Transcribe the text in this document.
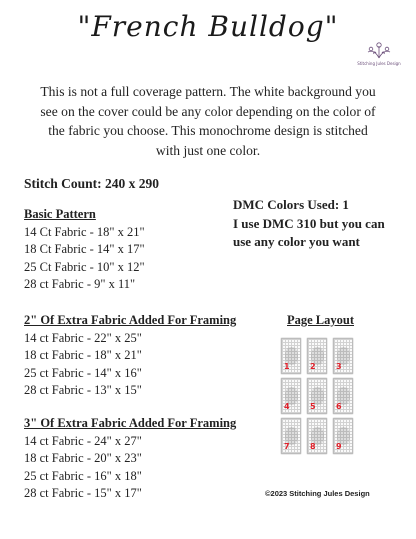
"French Bulldog"
Stitching Jules Design

This is not a full coverage pattern. The white background you see on the cover could be any color depending on the color of the fabric you choose. This monochrome design is stitched with just one color.

Stitch Count: 240 x 290
Basic Pattern
14 Ct Fabric - 18" x 21"
18 Ct Fabric - 14" x 17"
25 Ct Fabric - 10" x 12"
28 ct Fabric - 9" x 11"
2" Of Extra Fabric Added For Framing
14 ct Fabric - 22" x 25"
18 ct Fabric - 18" x 21"
25 ct Fabric - 14" x 16"
28 ct Fabric - 13" x 15"
3" Of Extra Fabric Added For Framing
14 ct Fabric - 24" x 27"
18 ct Fabric - 20" x 23"
25 ct Fabric - 16" x 18"
28 ct Fabric - 15" x 17"
DMC Colors Used: 1
I use DMC 310 but you can
use any color you want
Page Layout
1	2	3
4	5	6
7	8	9
©2023 Stitching Jules Design
